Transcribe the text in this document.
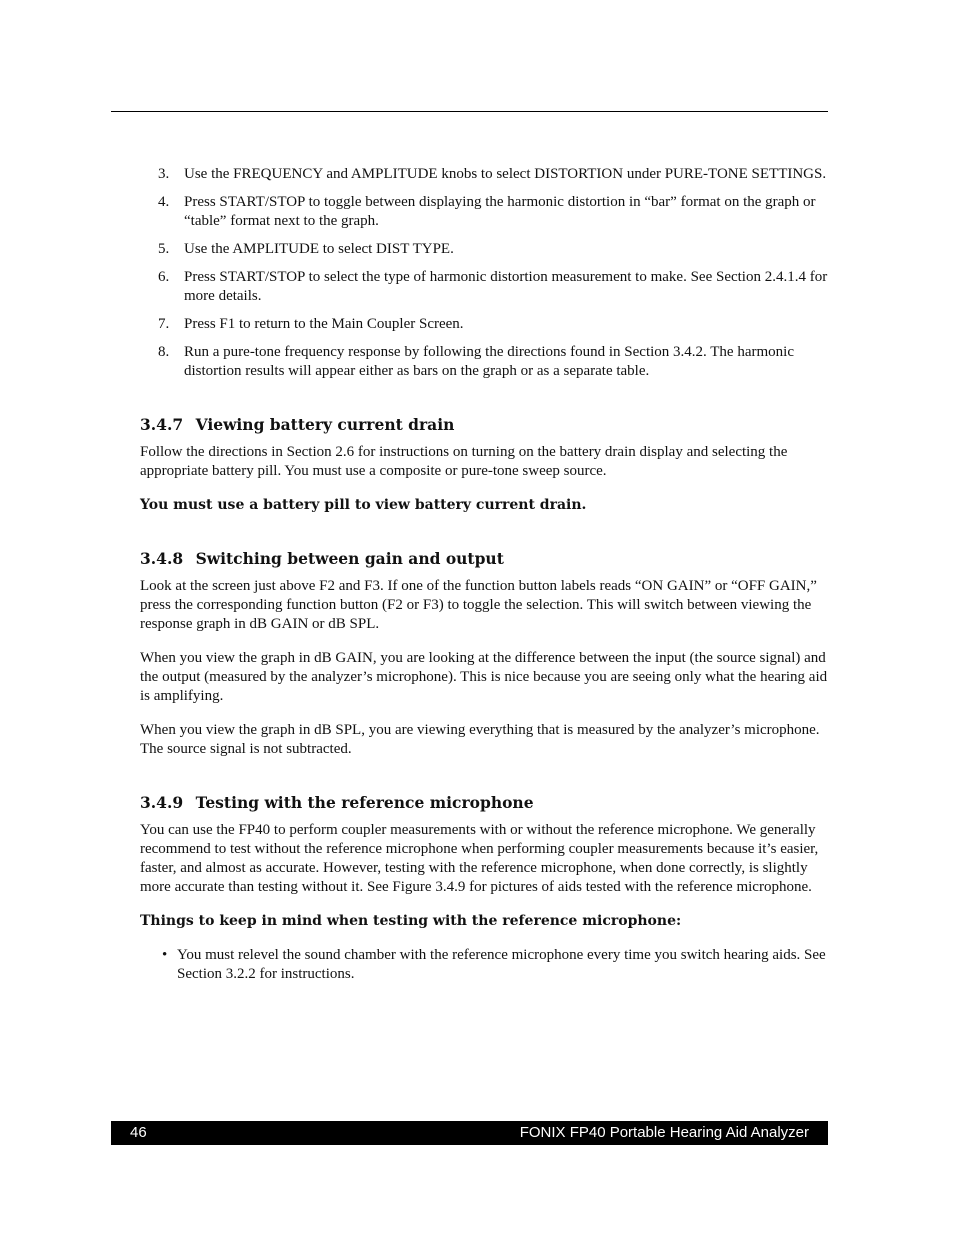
3. Use the FREQUENCY and AMPLITUDE knobs to select DISTORTION under PURE-TONE SETTINGS.
4. Press START/STOP to toggle between displaying the harmonic distortion in “bar” format on the graph or “table” format next to the graph.
5. Use the AMPLITUDE to select DIST TYPE.
6. Press START/STOP to select the type of harmonic distortion measurement to make. See Section 2.4.1.4 for more details.
7. Press F1 to return to the Main Coupler Screen.
8. Run a pure-tone frequency response by following the directions found in Section 3.4.2. The harmonic distortion results will appear either as bars on the graph or as a separate table.
3.4.7 Viewing battery current drain

Follow the directions in Section 2.6 for instructions on turning on the battery drain display and selecting the appropriate battery pill. You must use a composite or pure-tone sweep source.

You must use a battery pill to view battery current drain.

3.4.8 Switching between gain and output

Look at the screen just above F2 and F3. If one of the function button labels reads “ON GAIN” or “OFF GAIN,” press the corresponding function button (F2 or F3) to toggle the selection. This will switch between viewing the response graph in dB GAIN or dB SPL.

When you view the graph in dB GAIN, you are looking at the difference between the input (the source signal) and the output (measured by the analyzer’s microphone). This is nice because you are seeing only what the hearing aid is amplifying.

When you view the graph in dB SPL, you are viewing everything that is measured by the analyzer’s microphone. The source signal is not subtracted.

3.4.9 Testing with the reference microphone

You can use the FP40 to perform coupler measurements with or without the reference microphone. We generally recommend to test without the reference microphone when performing coupler measurements because it’s easier, faster, and almost as accurate. However, testing with the reference microphone, when done correctly, is slightly more accurate than testing without it. See Figure 3.4.9 for pictures of aids tested with the reference microphone.

Things to keep in mind when testing with the reference microphone:

• You must relevel the sound chamber with the reference microphone every time you switch hearing aids. See Section 3.2.2 for instructions.
46	FONIX FP40 Portable Hearing Aid Analyzer
